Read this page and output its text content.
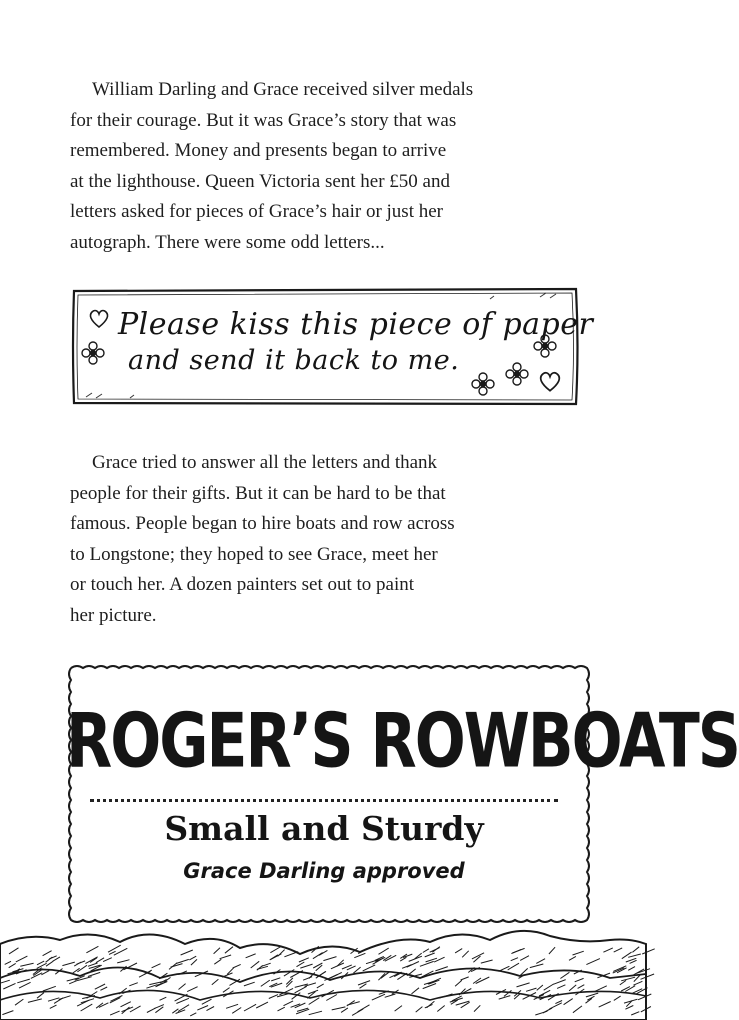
William Darling and Grace received silver medals
for their courage. But it was Grace’s story that was
remembered. Money and presents began to arrive
at the lighthouse. Queen Victoria sent her £50 and
letters asked for pieces of Grace’s hair or just her
autograph. There were some odd letters...

Please kiss this piece of paper
and send it back to me.

Grace tried to answer all the letters and thank
people for their gifts. But it can be hard to be that
famous. People began to hire boats and row across
to Longstone; they hoped to see Grace, meet her
or touch her. A dozen painters set out to paint
her picture.

ROGER’S ROWBOATS
Small and Sturdy
Grace Darling approved
